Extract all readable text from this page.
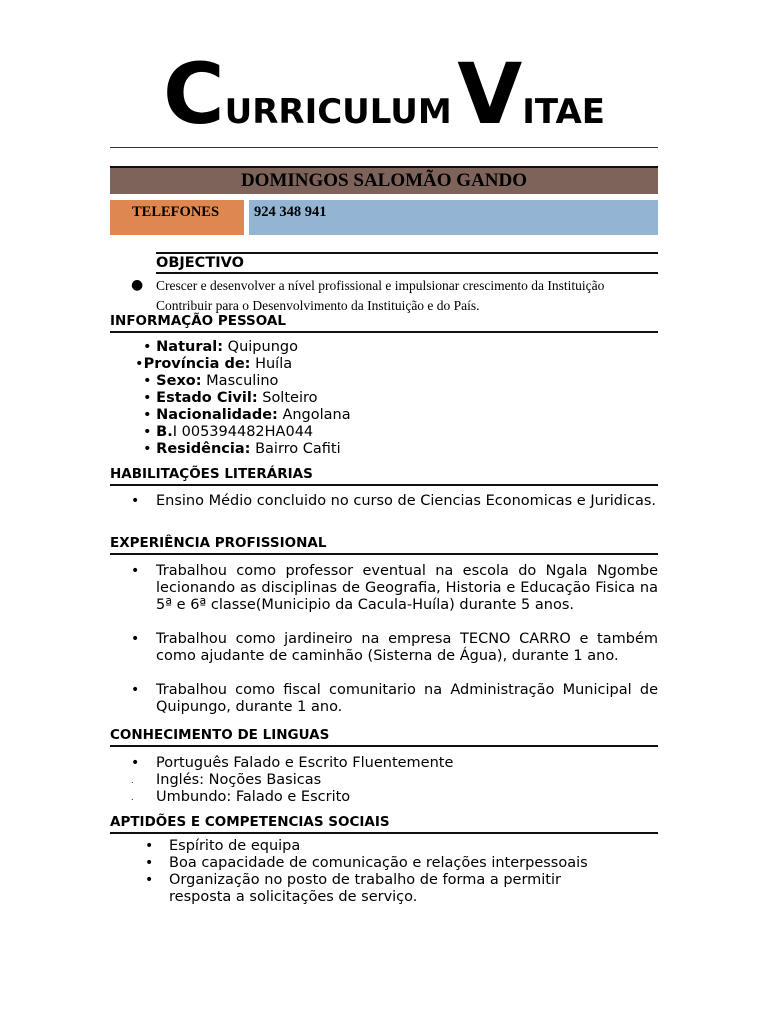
CURRICULUM VITAE
DOMINGOS SALOMÃO GANDO
TELEFONES	924 348 941
OBJECTIVO
● Crescer e desenvolver a nível profissional e impulsionar crescimento da Instituição
Contribuir para o Desenvolvimento da Instituição e do País.
INFORMAÇÃO PESSOAL
• Natural: Quipungo
•Província de: Huíla
• Sexo: Masculino
• Estado Civil: Solteiro
• Nacionalidade: Angolana
• B.I 005394482HA044
• Residência: Bairro Cafiti
HABILITAÇÕES LITERÁRIAS
• Ensino Médio concluido no curso de Ciencias Economicas e Juridicas.
EXPERIÊNCIA PROFISSIONAL
• Trabalhou como professor eventual na escola do Ngala Ngombe lecionando as disciplinas de Geografia, Historia e Educação Fisica na 5ª e 6ª classe(Municipio da Cacula-Huíla) durante 5 anos.
• Trabalhou como jardineiro na empresa TECNO CARRO e também como ajudante de caminhão (Sisterna de Água), durante 1 ano.
• Trabalhou como fiscal comunitario na Administração Municipal de Quipungo, durante 1 ano.
CONHECIMENTO DE LINGUAS
• Português Falado e Escrito Fluentemente
. Inglés: Noções Basicas
. Umbundo: Falado e Escrito
APTIDÕES E COMPETENCIAS SOCIAIS
• Espírito de equipa
• Boa capacidade de comunicação e relações interpessoais
• Organização no posto de trabalho de forma a permitir resposta a solicitações de serviço.
